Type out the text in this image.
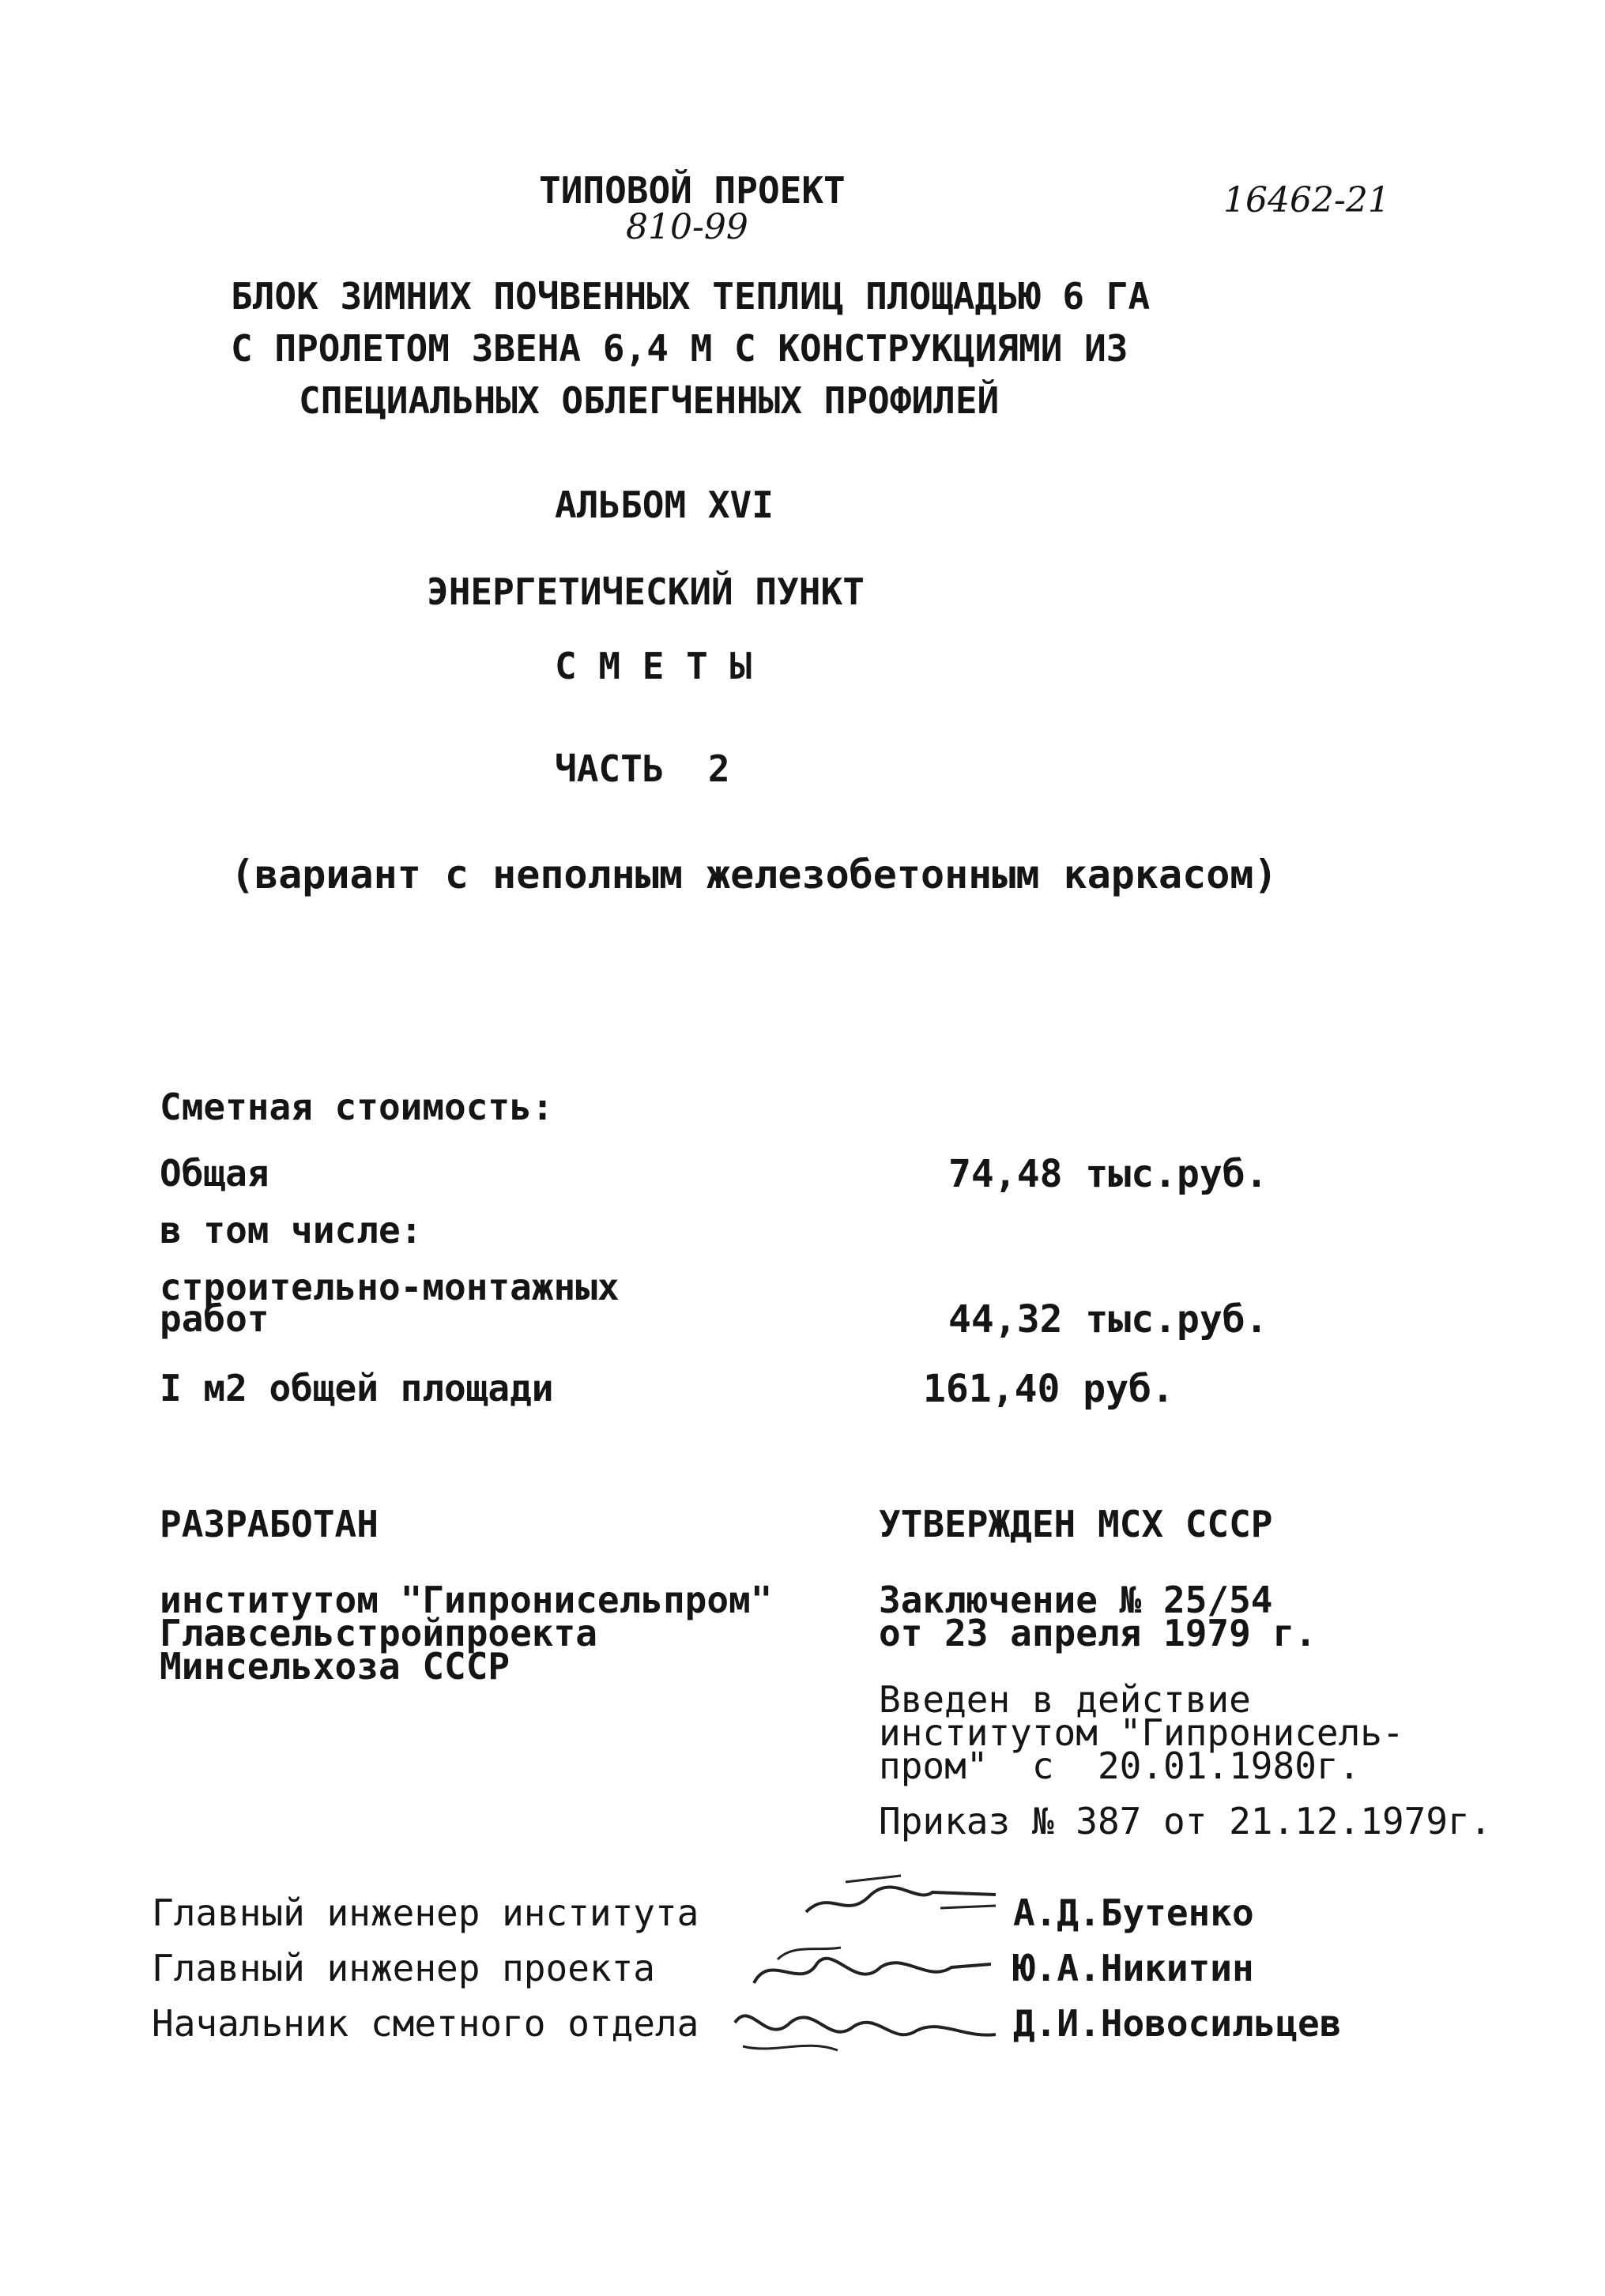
ТИПОВОЙ ПРОЕКТ
810-99
16462-21
БЛОК ЗИМНИХ ПОЧВЕННЫХ ТЕПЛИЦ ПЛОЩАДЬЮ 6 ГА
С ПРОЛЕТОМ ЗВЕНА 6,4 М С КОНСТРУКЦИЯМИ ИЗ
СПЕЦИАЛЬНЫХ ОБЛЕГЧЕННЫХ ПРОФИЛЕЙ
АЛЬБОМ XVI
ЭНЕРГЕТИЧЕСКИЙ ПУНКТ
С М Е Т Ы
ЧАСТЬ  2
(вариант с неполным железобетонным каркасом)
Сметная стоимость:
Общая	74,48 тыс.руб.
в том числе:
строительно-монтажных
работ	44,32 тыс.руб.
I м2 общей площади	161,40 руб.
РАЗРАБОТАН
институтом "Гипронисельпром"
Главсельстройпроекта
Минсельхоза СССР
УТВЕРЖДЕН МСХ СССР
Заключение № 25/54
от 23 апреля 1979 г.
Введен в действие
институтом "Гипронисель-
пром"  с  20.01.1980г.
Приказ № 387 от 21.12.1979г.
Главный инженер института	А.Д.Бутенко
Главный инженер проекта	Ю.А.Никитин
Начальник сметного отдела	Д.И.Новосильцев
